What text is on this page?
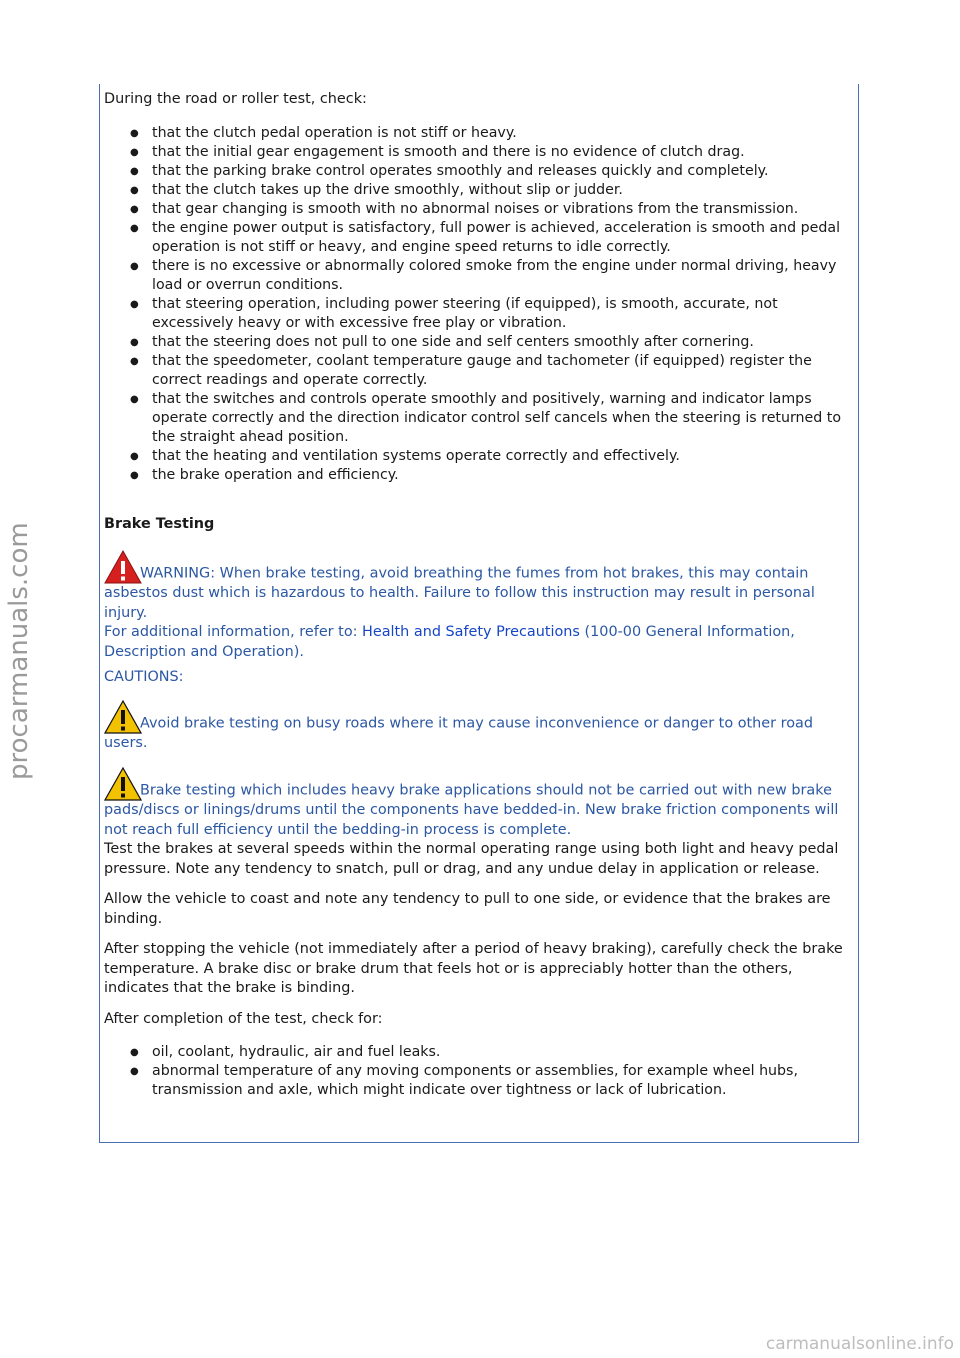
During the road or roller test, check:

● that the clutch pedal operation is not stiff or heavy.
● that the initial gear engagement is smooth and there is no evidence of clutch drag.
● that the parking brake control operates smoothly and releases quickly and completely.
● that the clutch takes up the drive smoothly, without slip or judder.
● that gear changing is smooth with no abnormal noises or vibrations from the transmission.
● the engine power output is satisfactory, full power is achieved, acceleration is smooth and pedal operation is not stiff or heavy, and engine speed returns to idle correctly.
● there is no excessive or abnormally colored smoke from the engine under normal driving, heavy load or overrun conditions.
● that steering operation, including power steering (if equipped), is smooth, accurate, not excessively heavy or with excessive free play or vibration.
● that the steering does not pull to one side and self centers smoothly after cornering.
● that the speedometer, coolant temperature gauge and tachometer (if equipped) register the correct readings and operate correctly.
● that the switches and controls operate smoothly and positively, warning and indicator lamps operate correctly and the direction indicator control self cancels when the steering is returned to the straight ahead position.
● that the heating and ventilation systems operate correctly and effectively.
● the brake operation and efficiency.

Brake Testing

WARNING: When brake testing, avoid breathing the fumes from hot brakes, this may contain asbestos dust which is hazardous to health. Failure to follow this instruction may result in personal injury.

For additional information, refer to: Health and Safety Precautions (100-00 General Information, Description and Operation).

CAUTIONS:

Avoid brake testing on busy roads where it may cause inconvenience or danger to other road users.

Brake testing which includes heavy brake applications should not be carried out with new brake pads/discs or linings/drums until the components have bedded-in. New brake friction components will not reach full efficiency until the bedding-in process is complete.

Test the brakes at several speeds within the normal operating range using both light and heavy pedal pressure. Note any tendency to snatch, pull or drag, and any undue delay in application or release.

Allow the vehicle to coast and note any tendency to pull to one side, or evidence that the brakes are binding.

After stopping the vehicle (not immediately after a period of heavy braking), carefully check the brake temperature. A brake disc or brake drum that feels hot or is appreciably hotter than the others, indicates that the brake is binding.

After completion of the test, check for:

● oil, coolant, hydraulic, air and fuel leaks.
● abnormal temperature of any moving components or assemblies, for example wheel hubs, transmission and axle, which might indicate over tightness or lack of lubrication.
procarmanuals.com
carmanualsonline.info
